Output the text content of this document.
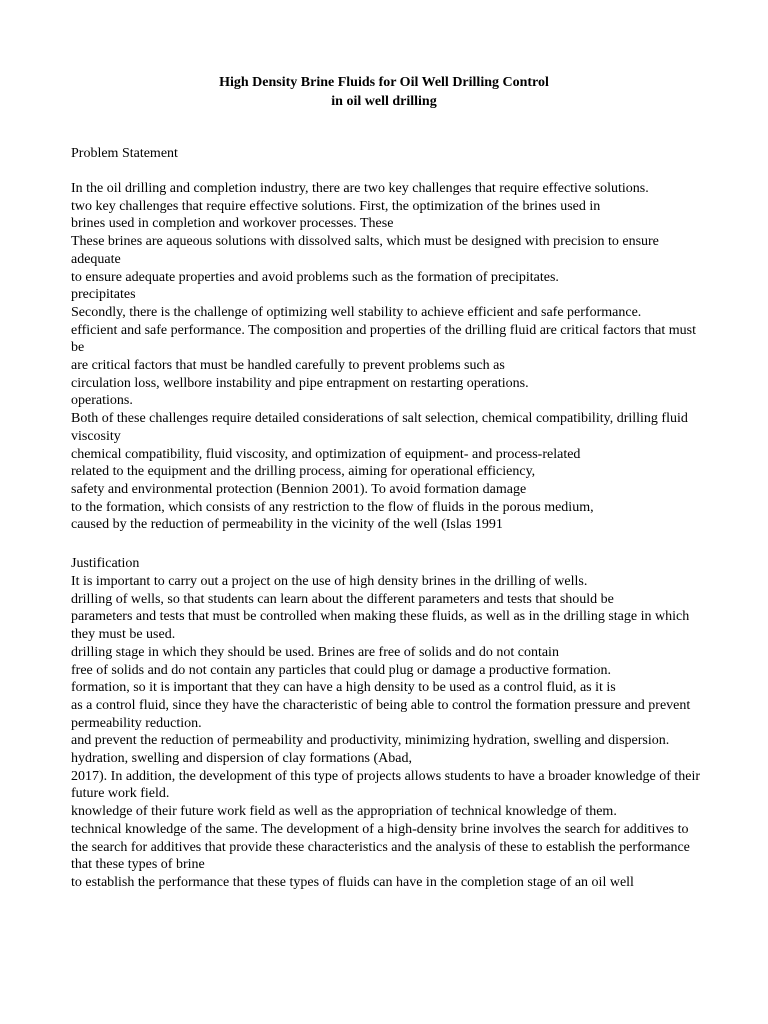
High Density Brine Fluids for Oil Well Drilling Control
in oil well drilling
Problem Statement
In the oil drilling and completion industry, there are two key challenges that require effective solutions.
two key challenges that require effective solutions. First, the optimization of the brines used in
brines used in completion and workover processes. These
These brines are aqueous solutions with dissolved salts, which must be designed with precision to ensure adequate
to ensure adequate properties and avoid problems such as the formation of precipitates.
precipitates
Secondly, there is the challenge of optimizing well stability to achieve efficient and safe performance.
efficient and safe performance. The composition and properties of the drilling fluid are critical factors that must be
are critical factors that must be handled carefully to prevent problems such as
circulation loss, wellbore instability and pipe entrapment on restarting operations.
operations.
Both of these challenges require detailed considerations of salt selection, chemical compatibility, drilling fluid viscosity
chemical compatibility, fluid viscosity, and optimization of equipment- and process-related
related to the equipment and the drilling process, aiming for operational efficiency,
safety and environmental protection (Bennion 2001). To avoid formation damage
to the formation, which consists of any restriction to the flow of fluids in the porous medium,
caused by the reduction of permeability in the vicinity of the well (Islas 1991
Justification
It is important to carry out a project on the use of high density brines in the drilling of wells.
drilling of wells, so that students can learn about the different parameters and tests that should be
parameters and tests that must be controlled when making these fluids, as well as in the drilling stage in which they must be used.
drilling stage in which they should be used. Brines are free of solids and do not contain
free of solids and do not contain any particles that could plug or damage a productive formation.
formation, so it is important that they can have a high density to be used as a control fluid, as it is
as a control fluid, since they have the characteristic of being able to control the formation pressure and prevent permeability reduction.
and prevent the reduction of permeability and productivity, minimizing hydration, swelling and dispersion.
hydration, swelling and dispersion of clay formations (Abad,
2017). In addition, the development of this type of projects allows students to have a broader knowledge of their future work field.
knowledge of their future work field as well as the appropriation of technical knowledge of them.
technical knowledge of the same. The development of a high-density brine involves the search for additives to
the search for additives that provide these characteristics and the analysis of these to establish the performance that these types of brine
to establish the performance that these types of fluids can have in the completion stage of an oil well
